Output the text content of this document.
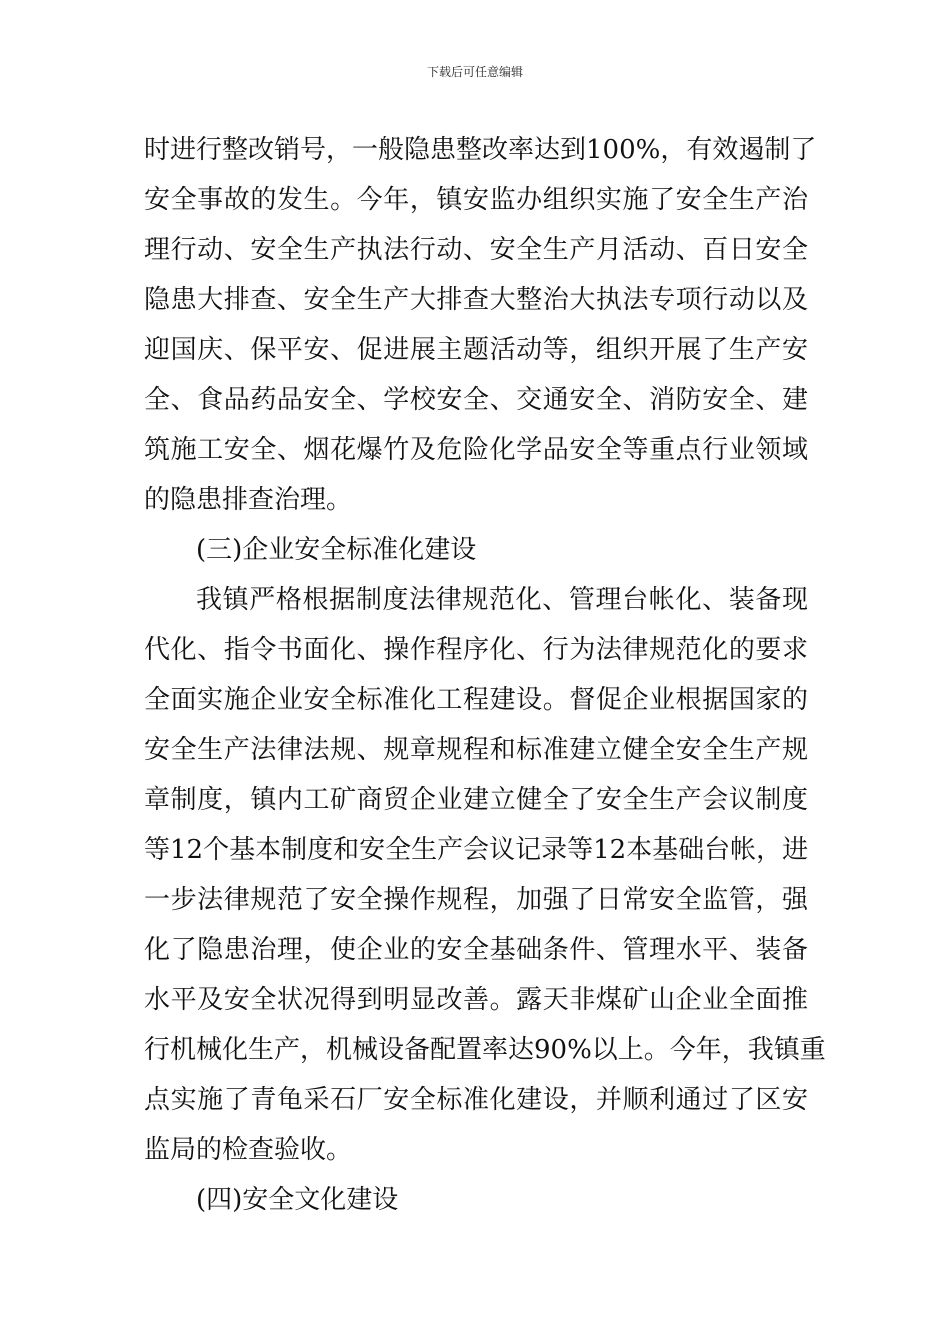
下载后可任意编辑
时进行整改销号，一般隐患整改率达到100%，有效遏制了
安全事故的发生。今年，镇安监办组织实施了安全生产治
理行动、安全生产执法行动、安全生产月活动、百日安全
隐患大排查、安全生产大排查大整治大执法专项行动以及
迎国庆、保平安、促进展主题活动等，组织开展了生产安
全、食品药品安全、学校安全、交通安全、消防安全、建
筑施工安全、烟花爆竹及危险化学品安全等重点行业领域
的隐患排查治理。
(三)企业安全标准化建设
我镇严格根据制度法律规范化、管理台帐化、装备现
代化、指令书面化、操作程序化、行为法律规范化的要求
全面实施企业安全标准化工程建设。督促企业根据国家的
安全生产法律法规、规章规程和标准建立健全安全生产规
章制度，镇内工矿商贸企业建立健全了安全生产会议制度
等12个基本制度和安全生产会议记录等12本基础台帐，进
一步法律规范了安全操作规程，加强了日常安全监管，强
化了隐患治理，使企业的安全基础条件、管理水平、装备
水平及安全状况得到明显改善。露天非煤矿山企业全面推
行机械化生产，机械设备配置率达90%以上。今年，我镇重
点实施了青龟采石厂安全标准化建设，并顺利通过了区安
监局的检查验收。
(四)安全文化建设
